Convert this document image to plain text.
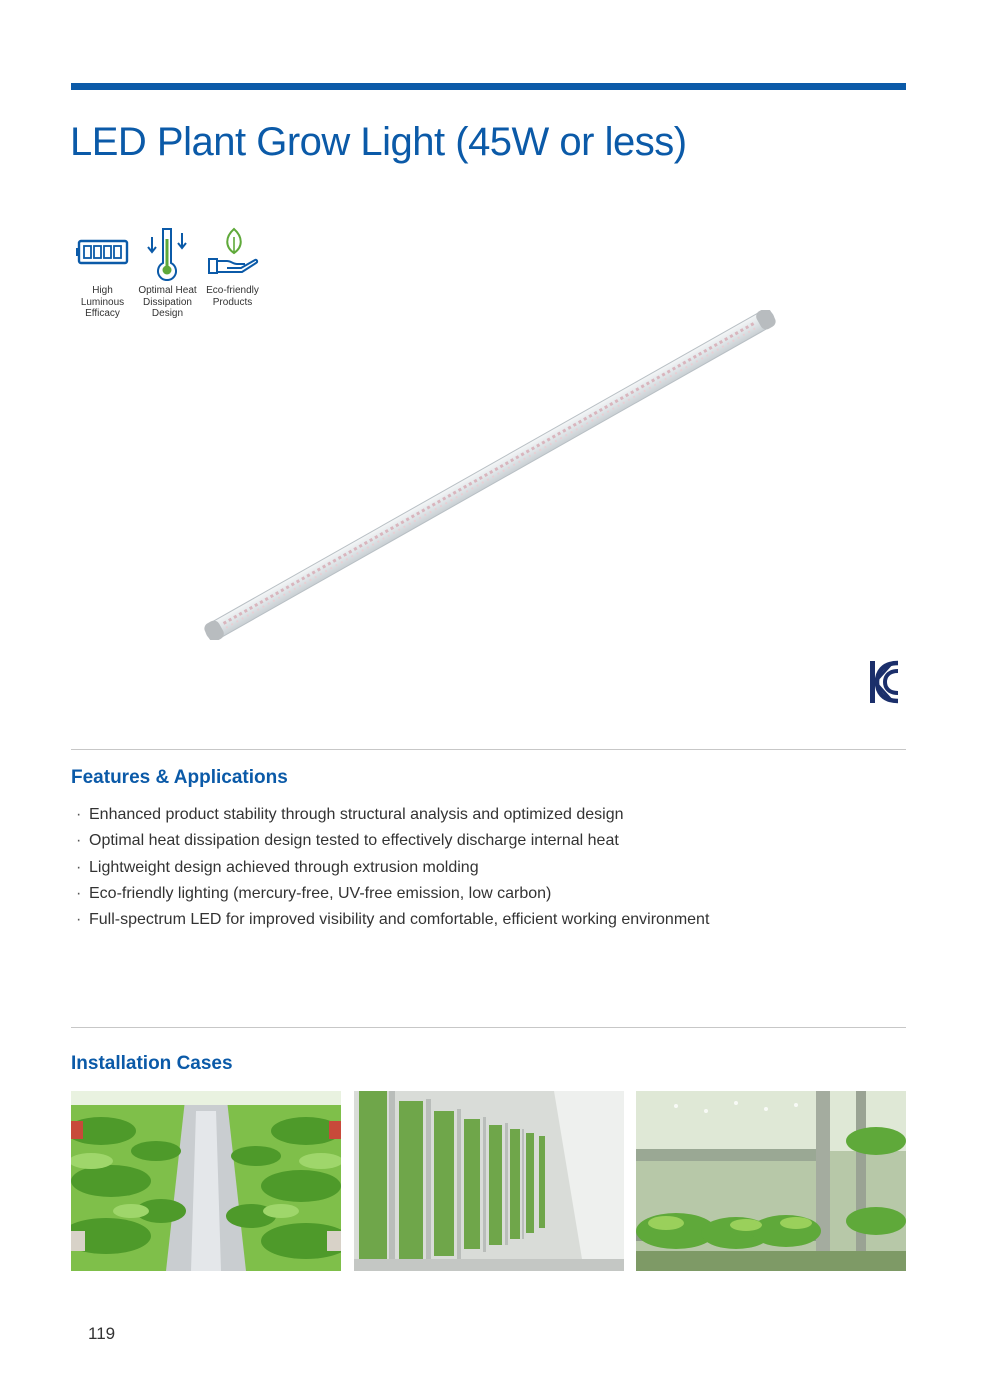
LED Plant Grow Light (45W or less)
High Luminous Efficacy
Optimal Heat Dissipation Design
Eco-friendly Products
Features & Applications
· Enhanced product stability through structural analysis and optimized design
· Optimal heat dissipation design tested to effectively discharge internal heat
· Lightweight design achieved through extrusion molding
· Eco-friendly lighting (mercury-free, UV-free emission, low carbon)
· Full-spectrum LED for improved visibility and comfortable, efficient working environment
Installation Cases
119
